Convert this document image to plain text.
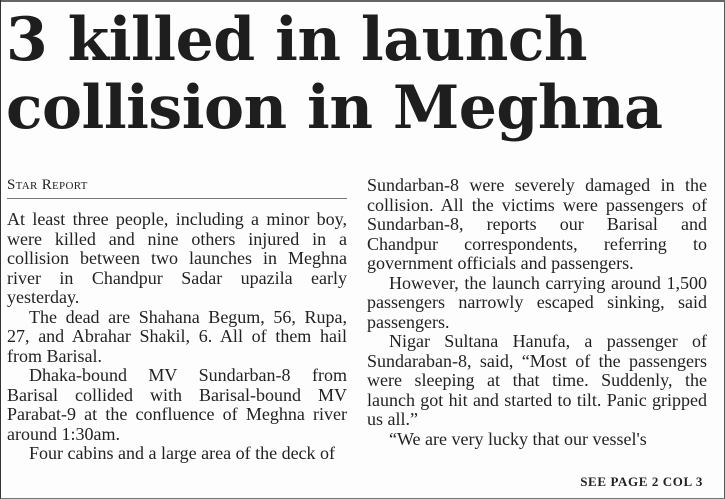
3 killed in launch
collision in Meghna
Star Report

At least three people, including a minor boy, were killed and nine others injured in a collision between two launches in Meghna river in Chandpur Sadar upazila early yesterday.

The dead are Shahana Begum, 56, Rupa, 27, and Abrahar Shakil, 6. All of them hail from Barisal.

Dhaka-bound MV Sundarban-8 from Barisal collided with Barisal-bound MV Parabat-9 at the confluence of Meghna river around 1:30am.

Four cabins and a large area of the deck of

Sundarban-8 were severely damaged in the collision. All the victims were passengers of Sundarban-8, reports our Barisal and Chandpur correspondents, referring to government officials and passengers.

However, the launch carrying around 1,500 passengers narrowly escaped sinking, said passengers.

Nigar Sultana Hanufa, a passenger of Sundaraban-8, said, “Most of the passengers were sleeping at that time. Suddenly, the launch got hit and started to tilt. Panic gripped us all.”

“We are very lucky that our vessel's

SEE PAGE 2 COL 3
